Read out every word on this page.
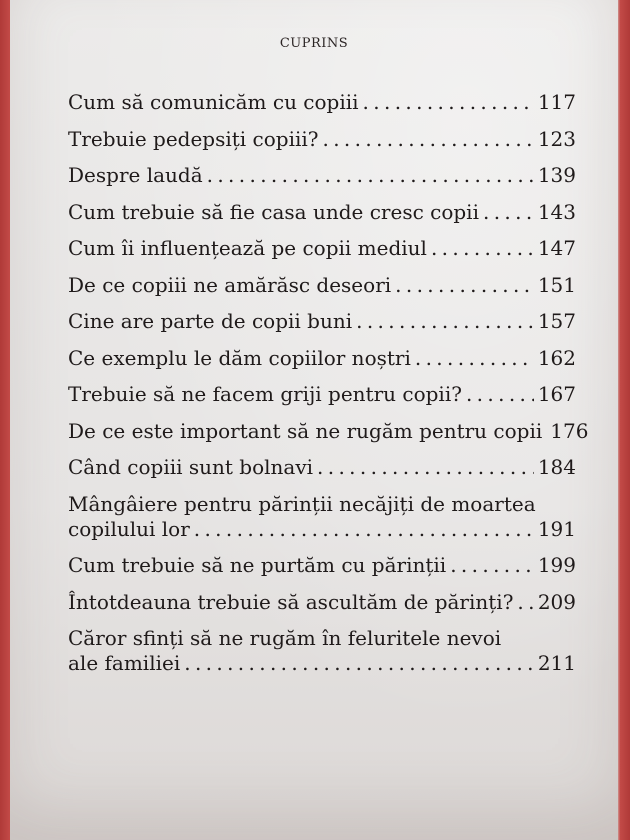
CUPRINS
Cum să comunicăm cu copiii . . .	117
Trebuie pedepsiți copiii? . . .	123
Despre laudă . . .	139
Cum trebuie să fie casa unde cresc copii . . .	143
Cum îi influențează pe copii mediul . . .	147
De ce copiii ne amărăsc deseori . . .	151
Cine are parte de copii buni . . .	157
Ce exemplu le dăm copiilor noștri . . .	162
Trebuie să ne facem griji pentru copii? . . .	167
De ce este important să ne rugăm pentru copii 176
Când copiii sunt bolnavi . . .	184
Mângâiere pentru părinții necăjiți de moartea
copilului lor . . .	191
Cum trebuie să ne purtăm cu părinții . . .	199
Întotdeauna trebuie să ascultăm de părinți? . . . 209
Căror sfinți să ne rugăm în feluritele nevoi
ale familiei . . .	211
